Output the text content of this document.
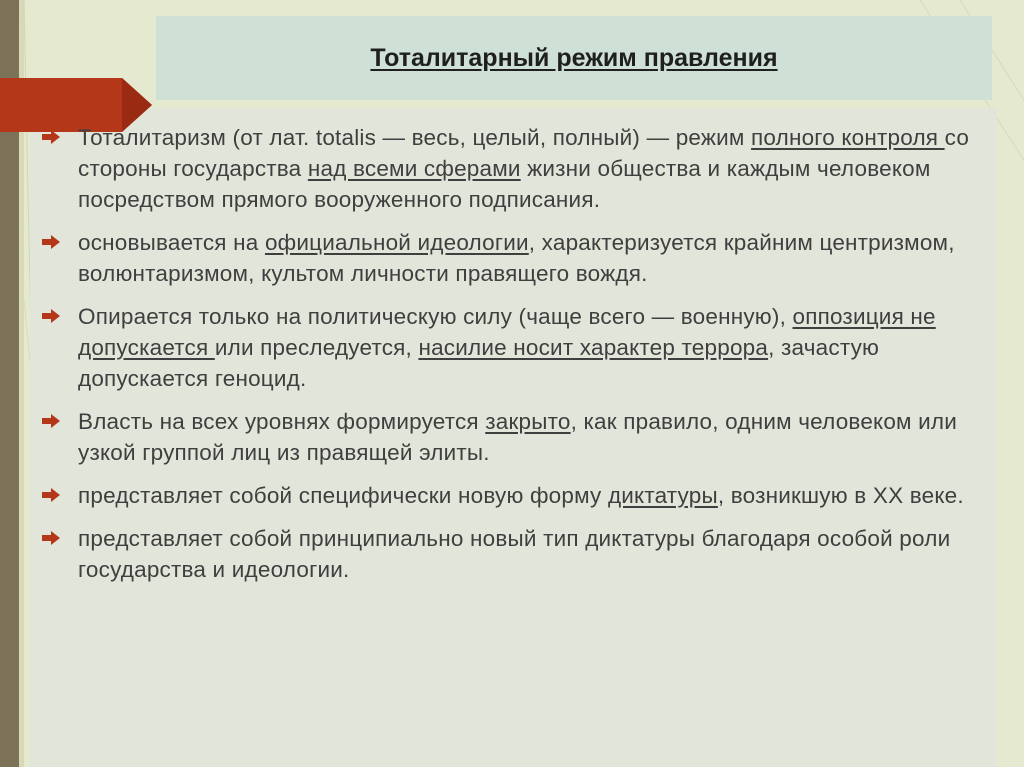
Тоталитарный режим правления
Тоталитаризм (от лат. totalis — весь, целый, полный) — режим полного контроля со стороны государства над всеми сферами жизни общества и каждым человеком посредством прямого вооруженного подписания.
основывается на официальной идеологии, характеризуется крайним центризмом, волюнтаризмом, культом личности правящего вождя.
Опирается только на политическую силу (чаще всего — военную), оппозиция не допускается или преследуется, насилие носит характер террора, зачастую допускается геноцид.
Власть на всех уровнях формируется закрыто, как правило, одним человеком или узкой группой лиц из правящей элиты.
представляет собой специфически новую форму диктатуры, возникшую в XX веке.
представляет собой принципиально новый тип диктатуры благодаря особой роли государства и идеологии.
